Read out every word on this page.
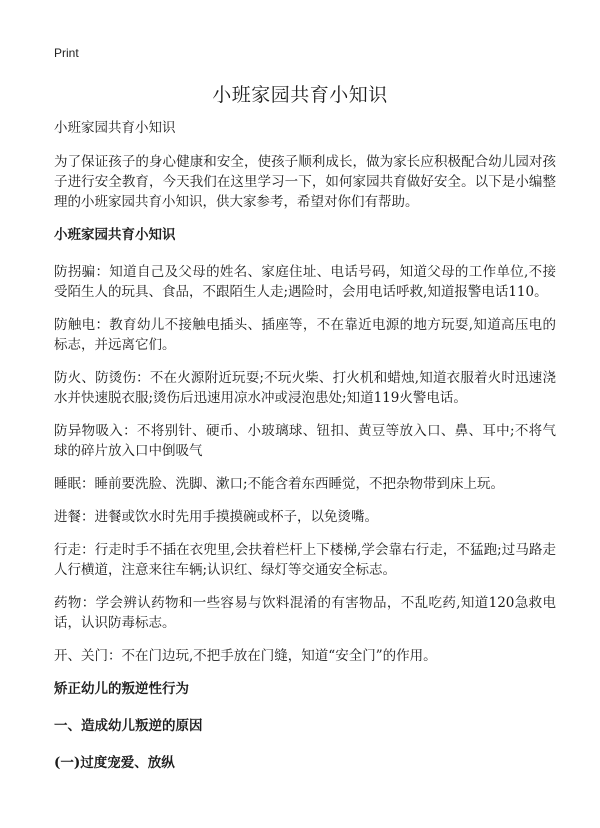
Print
小班家园共育小知识

小班家园共育小知识

为了保证孩子的身心健康和安全，使孩子顺利成长，做为家长应积极配合幼儿园对孩子进行安全教育，今天我们在这里学习一下，如何家园共育做好安全。以下是小编整理的小班家园共育小知识，供大家参考，希望对你们有帮助。

小班家园共育小知识

防拐骗：知道自己及父母的姓名、家庭住址、电话号码，知道父母的工作单位,不接受陌生人的玩具、食品，不跟陌生人走;遇险时，会用电话呼救,知道报警电话110。

防触电：教育幼儿不接触电插头、插座等，不在靠近电源的地方玩耍,知道高压电的标志，并远离它们。

防火、防烫伤：不在火源附近玩耍;不玩火柴、打火机和蜡烛,知道衣服着火时迅速浇水并快速脱衣服;烫伤后迅速用凉水冲或浸泡患处;知道119火警电话。

防异物吸入：不将别针、硬币、小玻璃球、钮扣、黄豆等放入口、鼻、耳中;不将气球的碎片放入口中倒吸气

睡眠：睡前要洗脸、洗脚、漱口;不能含着东西睡觉，不把杂物带到床上玩。

进餐：进餐或饮水时先用手摸摸碗或杯子，以免烫嘴。

行走：行走时手不插在衣兜里,会扶着栏杆上下楼梯,学会靠右行走，不猛跑;过马路走人行横道，注意来往车辆;认识红、绿灯等交通安全标志。

药物：学会辨认药物和一些容易与饮料混淆的有害物品，不乱吃药,知道120急救电话，认识防毒标志。

开、关门：不在门边玩,不把手放在门缝，知道“安全门”的作用。

矫正幼儿的叛逆性行为

一、造成幼儿叛逆的原因

(一)过度宠爱、放纵
